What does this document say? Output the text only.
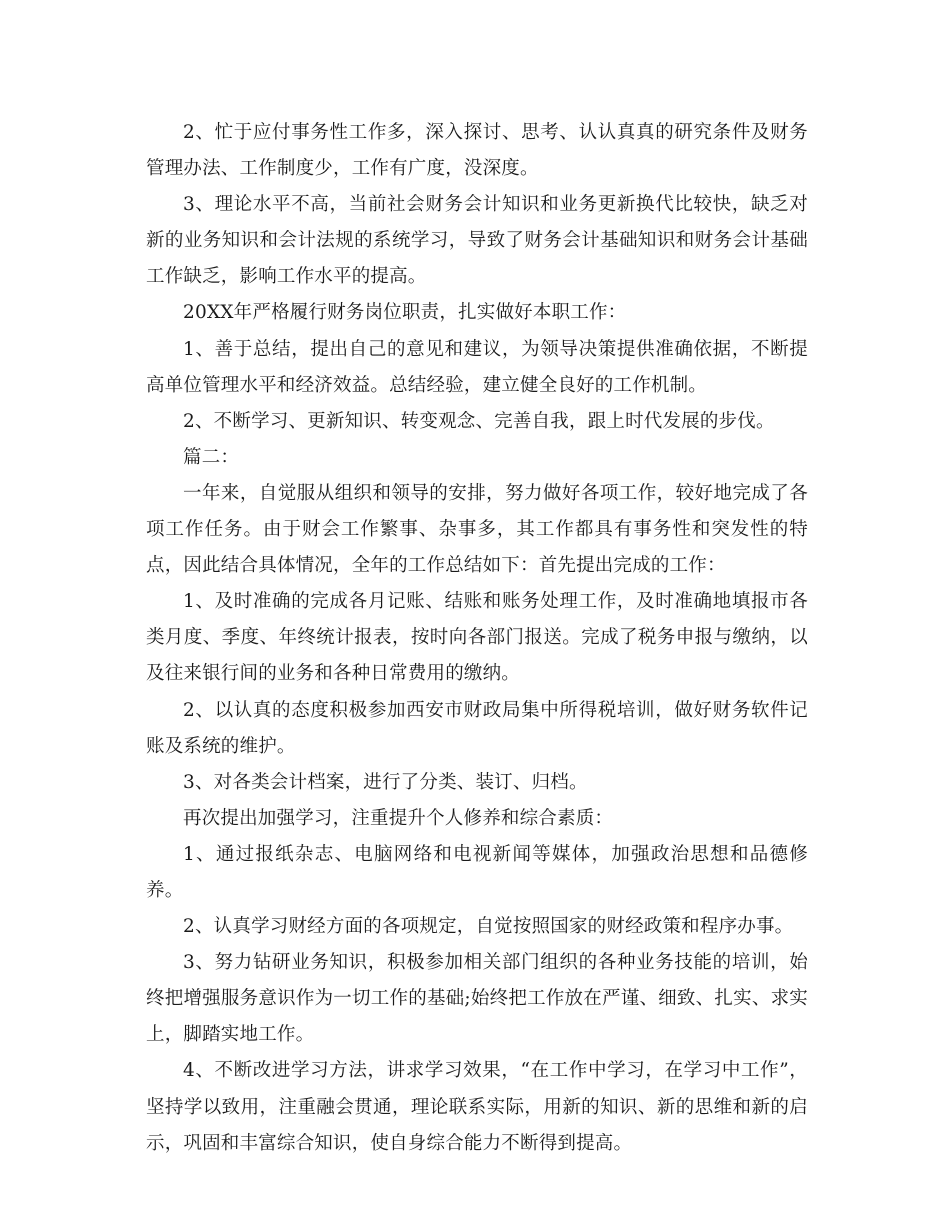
2、忙于应付事务性工作多，深入探讨、思考、认认真真的研究条件及财务管理办法、工作制度少，工作有广度，没深度。

3、理论水平不高，当前社会财务会计知识和业务更新换代比较快，缺乏对新的业务知识和会计法规的系统学习，导致了财务会计基础知识和财务会计基础工作缺乏，影响工作水平的提高。

20XX年严格履行财务岗位职责，扎实做好本职工作：

1、善于总结，提出自己的意见和建议，为领导决策提供准确依据，不断提高单位管理水平和经济效益。总结经验，建立健全良好的工作机制。

2、不断学习、更新知识、转变观念、完善自我，跟上时代发展的步伐。

篇二：

一年来，自觉服从组织和领导的安排，努力做好各项工作，较好地完成了各项工作任务。由于财会工作繁事、杂事多，其工作都具有事务性和突发性的特点，因此结合具体情况，全年的工作总结如下：首先提出完成的工作：

1、及时准确的完成各月记账、结账和账务处理工作，及时准确地填报市各类月度、季度、年终统计报表，按时向各部门报送。完成了税务申报与缴纳，以及往来银行间的业务和各种日常费用的缴纳。

2、以认真的态度积极参加西安市财政局集中所得税培训，做好财务软件记账及系统的维护。

3、对各类会计档案，进行了分类、装订、归档。

再次提出加强学习，注重提升个人修养和综合素质：

1、通过报纸杂志、电脑网络和电视新闻等媒体，加强政治思想和品德修养。

2、认真学习财经方面的各项规定，自觉按照国家的财经政策和程序办事。

3、努力钻研业务知识，积极参加相关部门组织的各种业务技能的培训，始终把增强服务意识作为一切工作的基础;始终把工作放在严谨、细致、扎实、求实上，脚踏实地工作。

4、不断改进学习方法，讲求学习效果，“在工作中学习，在学习中工作”，坚持学以致用，注重融会贯通，理论联系实际，用新的知识、新的思维和新的启示，巩固和丰富综合知识，使自身综合能力不断得到提高。
